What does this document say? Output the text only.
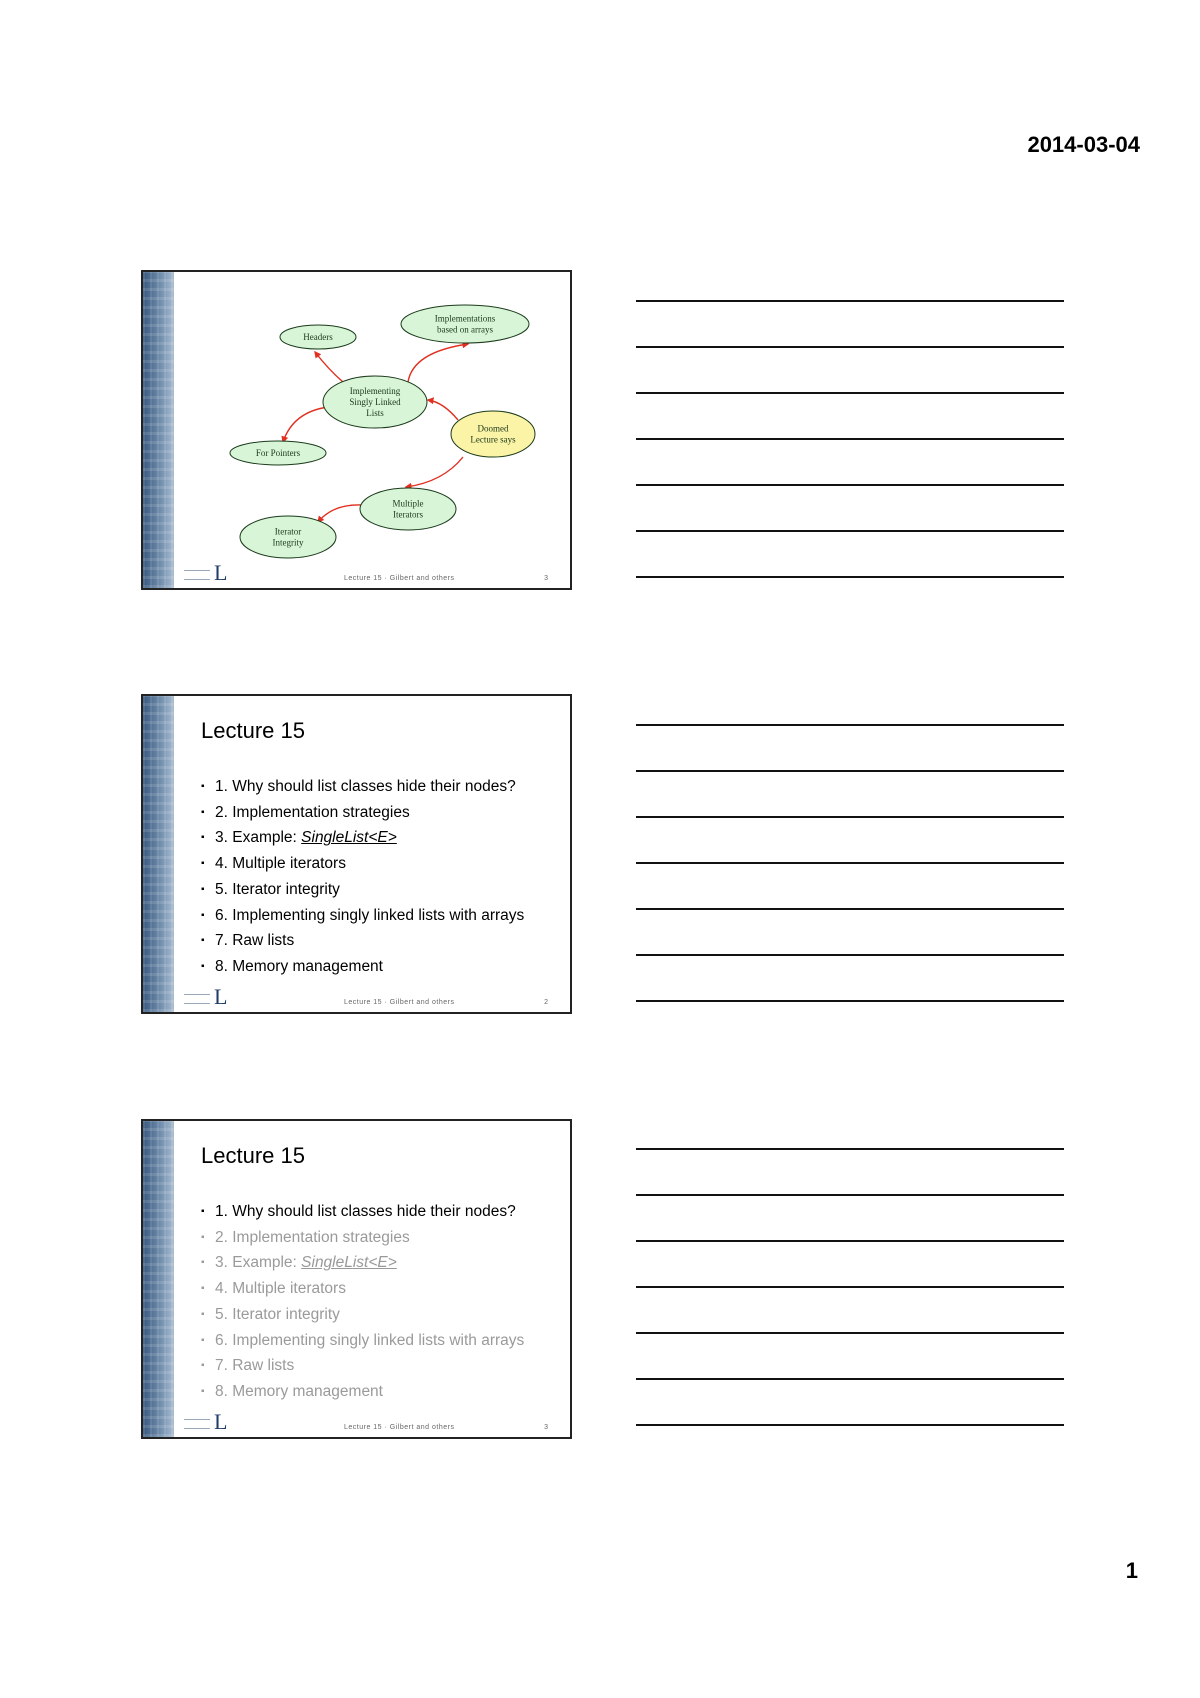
2014-03-04
Implementing
Singly Linked
Lists
Headers
Implementations
based on arrays
Doomed
Lecture says
For Pointers
Multiple
Iterators
Iterator
Integrity
L	Lecture 15 · Gilbert and others	3
Lecture 15
▪ 1. Why should list classes hide their nodes?
▪ 2. Implementation strategies
▪ 3. Example: SingleList<E>
▪ 4. Multiple iterators
▪ 5. Iterator integrity
▪ 6. Implementing singly linked lists with arrays
▪ 7. Raw lists
▪ 8. Memory management
L	Lecture 15 · Gilbert and others	2
Lecture 15
▪ 1. Why should list classes hide their nodes?
▪ 2. Implementation strategies
▪ 3. Example: SingleList<E>
▪ 4. Multiple iterators
▪ 5. Iterator integrity
▪ 6. Implementing singly linked lists with arrays
▪ 7. Raw lists
▪ 8. Memory management
L	Lecture 15 · Gilbert and others	3
1
